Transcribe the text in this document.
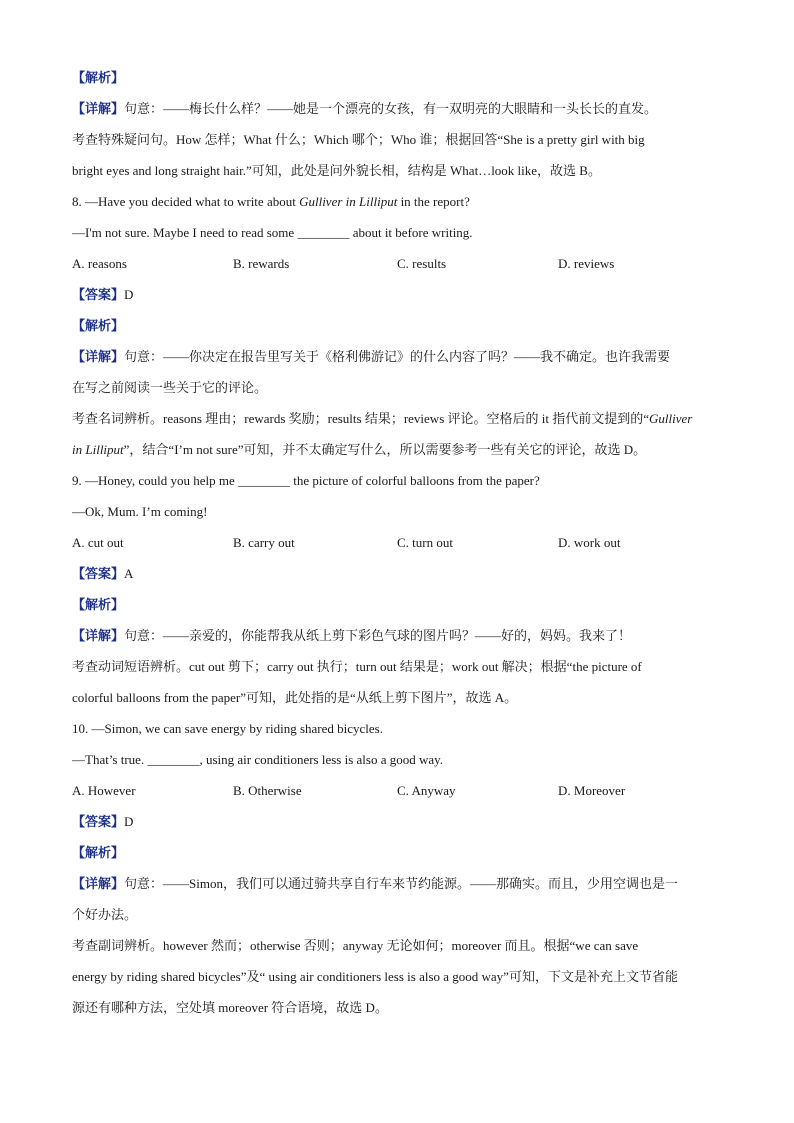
【解析】
【详解】句意：——梅长什么样？——她是一个漂亮的女孩，有一双明亮的大眼睛和一头长长的直发。
考查特殊疑问句。How 怎样；What 什么；Which 哪个；Who 谁；根据回答“She is a pretty girl with big
bright eyes and long straight hair.”可知，此处是问外貌长相，结构是 What…look like，故选 B。
8. —Have you decided what to write about Gulliver in Lilliput in the report?
—I'm not sure. Maybe I need to read some ________ about it before writing.
A. reasons	B. rewards	C. results	D. reviews
【答案】D
【解析】
【详解】句意：——你决定在报告里写关于《格利佛游记》的什么内容了吗？——我不确定。也许我需要
在写之前阅读一些关于它的评论。
考查名词辨析。reasons 理由；rewards 奖励；results 结果；reviews 评论。空格后的 it 指代前文提到的“Gulliver
in Lilliput”，结合“I’m not sure”可知，并不太确定写什么，所以需要参考一些有关它的评论，故选 D。
9. —Honey, could you help me ________ the picture of colorful balloons from the paper?
—Ok, Mum. I’m coming!
A. cut out	B. carry out	C. turn out	D. work out
【答案】A
【解析】
【详解】句意：——亲爱的，你能帮我从纸上剪下彩色气球的图片吗？——好的，妈妈。我来了！
考查动词短语辨析。cut out 剪下；carry out 执行；turn out 结果是；work out 解决；根据“the picture of
colorful balloons from the paper”可知，此处指的是“从纸上剪下图片”，故选 A。
10. —Simon, we can save energy by riding shared bicycles.
—That’s true. ________, using air conditioners less is also a good way.
A. However	B. Otherwise	C. Anyway	D. Moreover
【答案】D
【解析】
【详解】句意：——Simon，我们可以通过骑共享自行车来节约能源。——那确实。而且，少用空调也是一
个好办法。
考查副词辨析。however 然而；otherwise 否则；anyway 无论如何；moreover 而且。根据“we can save
energy by riding shared bicycles”及“ using air conditioners less is also a good way”可知，下文是补充上文节省能
源还有哪种方法，空处填 moreover 符合语境，故选 D。
